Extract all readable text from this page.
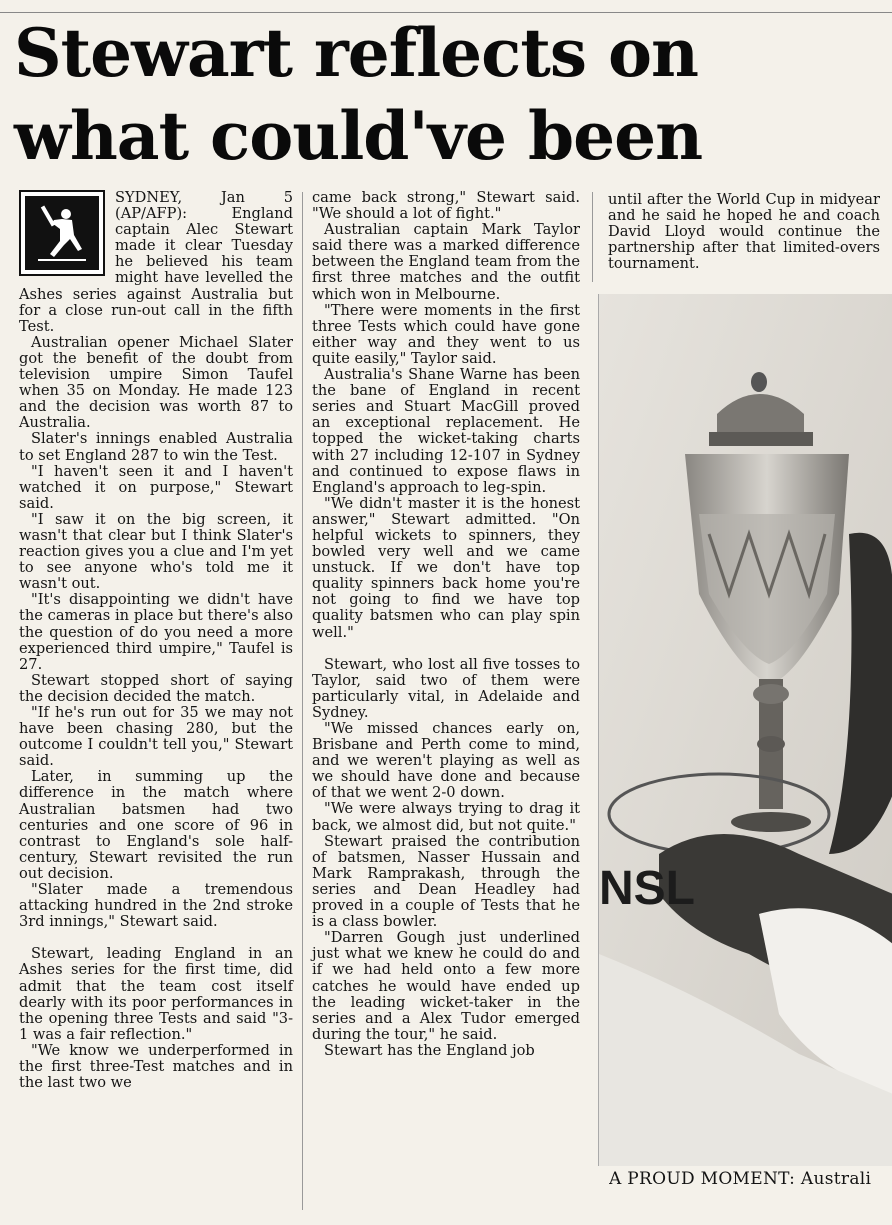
Stewart reflects on
what could've been

SYDNEY, Jan 5 (AP/AFP):	England captain Alec Stewart made it clear Tuesday he believed his team might have levelled the Ashes series against Australia but for a close run-out call in the fifth Test.

Australian opener Michael Slater got the benefit of the doubt from television umpire Simon Taufel when 35 on Monday. He made 123 and the decision was worth 87 to Australia.

Slater's innings enabled Australia to set England 287 to win the Test.

"I haven't seen it and I haven't watched it on purpose," Stewart said.

"I saw it on the big screen, it wasn't that clear but I think Slater's reaction gives you a clue and I'm yet to see anyone who's told me it wasn't out.

"It's disappointing we didn't have the cameras in place but there's also the question of do you need a more experienced third umpire," Taufel is 27.

Stewart stopped short of saying the decision decided the match.

"If he's run out for 35 we may not have been chasing 280, but the outcome I couldn't tell you," Stewart said.

Later, in summing up the difference in the match where Australian batsmen had two centuries and one score of 96 in contrast to England's sole half-century, Stewart revisited the run out decision.

"Slater made a tremendous attacking hundred in the 2nd stroke 3rd innings," Stewart said.

Stewart, leading England in an Ashes series for the first time, did admit that the team cost itself dearly with its poor performances in the opening three Tests and said "3-1 was a fair reflection."

"We know we underperformed in the first three-Test matches and in the last two we

came back strong," Stewart said. "We should a lot of fight."

Australian captain Mark Taylor said there was a marked difference between the England team from the first three matches and the outfit which won in Melbourne.

"There were moments in the first three Tests which could have gone either way and they went to us quite easily," Taylor said.

Australia's Shane Warne has been the bane of England in recent series and Stuart MacGill proved an exceptional replacement. He topped the wicket-taking charts with 27 including 12-107 in Sydney and continued to expose flaws in England's approach to leg-spin.

"We didn't master it is the honest answer," Stewart admitted. "On helpful wickets to spinners, they bowled very well and we came unstuck. If we don't have top quality spinners back home you're not going to find we have top quality batsmen who can play spin well."

Stewart, who lost all five tosses to Taylor, said two of them were particularly vital, in Adelaide and Sydney.

"We missed chances early on, Brisbane and Perth come to mind, and we weren't playing as well as we should have done and because of that we went 2-0 down.

"We were always trying to drag it back, we almost did, but not quite."

Stewart praised the contribution of batsmen, Nasser Hussain and Mark Ramprakash, through the series and Dean Headley had proved in a couple of Tests that he is a class bowler.

"Darren Gough just underlined just what we knew he could do and if we had held onto a few more catches he would have ended up the leading wicket-taker in the series and a Alex Tudor emerged during the tour," he said.

Stewart has the England job

until after the World Cup in midyear and he said he hoped he and coach David Lloyd would continue the partnership after that limited-overs tournament.

NSL
A PROUD MOMENT: Australi
